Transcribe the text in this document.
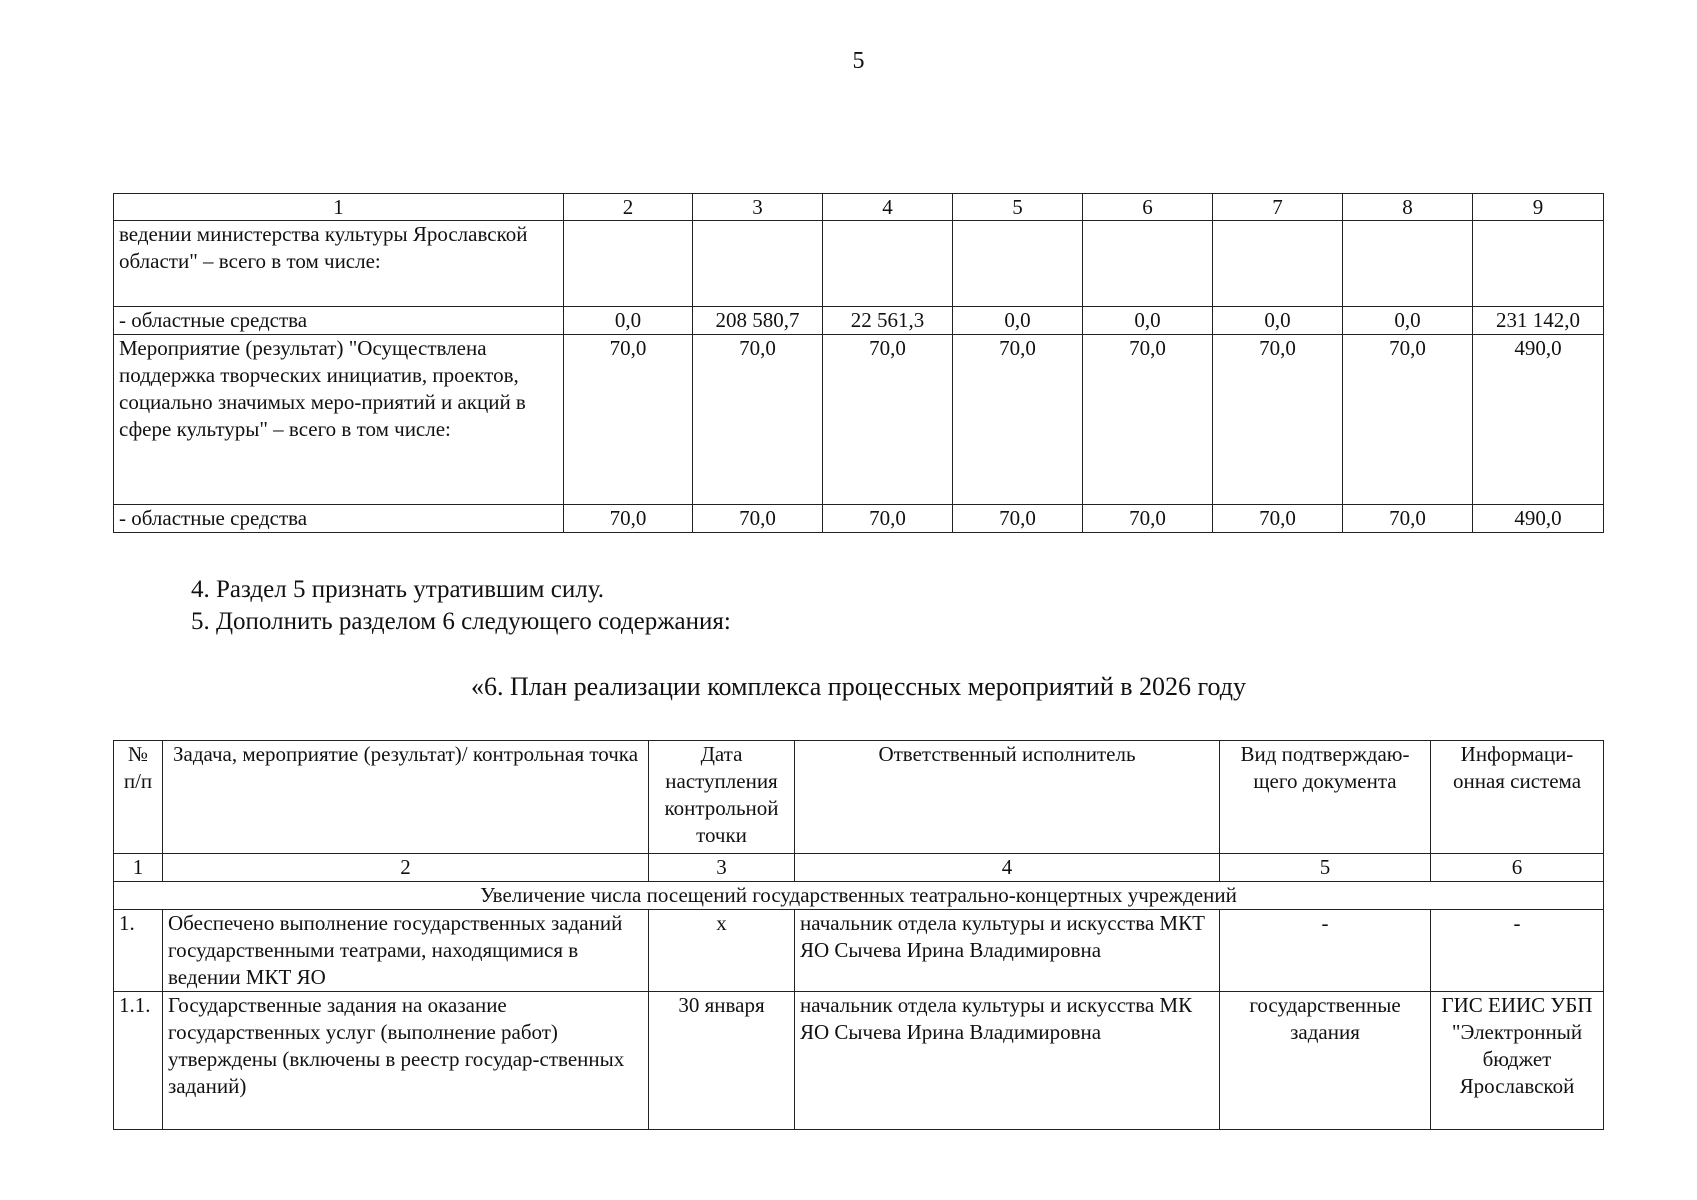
5
1	2	3	4	5	6	7	8	9
ведении министерства культуры Ярославской области" – всего в том числе:								
- областные средства	0,0	208 580,7	22 561,3	0,0	0,0	0,0	0,0	231 142,0
Мероприятие (результат) "Осуществлена поддержка творческих инициатив, проектов, социально значимых меро-приятий и акций в сфере культуры" – всего в том числе:	70,0	70,0	70,0	70,0	70,0	70,0	70,0	490,0
- областные средства	70,0	70,0	70,0	70,0	70,0	70,0	70,0	490,0
4. Раздел 5 признать утратившим силу.
5. Дополнить разделом 6 следующего содержания:
«6. План реализации комплекса процессных мероприятий в 2026 году
№ п/п	Задача, мероприятие (результат)/ контрольная точка	Дата наступления контрольной точки	Ответственный исполнитель	Вид подтверждаю-щего документа	Информаци-онная система
1	2	3	4	5	6
Увеличение числа посещений государственных театрально-концертных учреждений					
1.	Обеспечено выполнение государственных заданий государственными театрами, находящимися в ведении МКТ ЯО	х	начальник отдела культуры и искусства МКТ ЯО Сычева Ирина Владимировна	-	-
1.1.	Государственные задания на оказание государственных услуг (выполнение работ) утверждены (включены в реестр государ-ственных заданий)	30 января	начальник отдела культуры и искусства МК ЯО Сычева Ирина Владимировна	государственные задания	ГИС ЕИИС УБП "Электронный бюджет Ярославской
